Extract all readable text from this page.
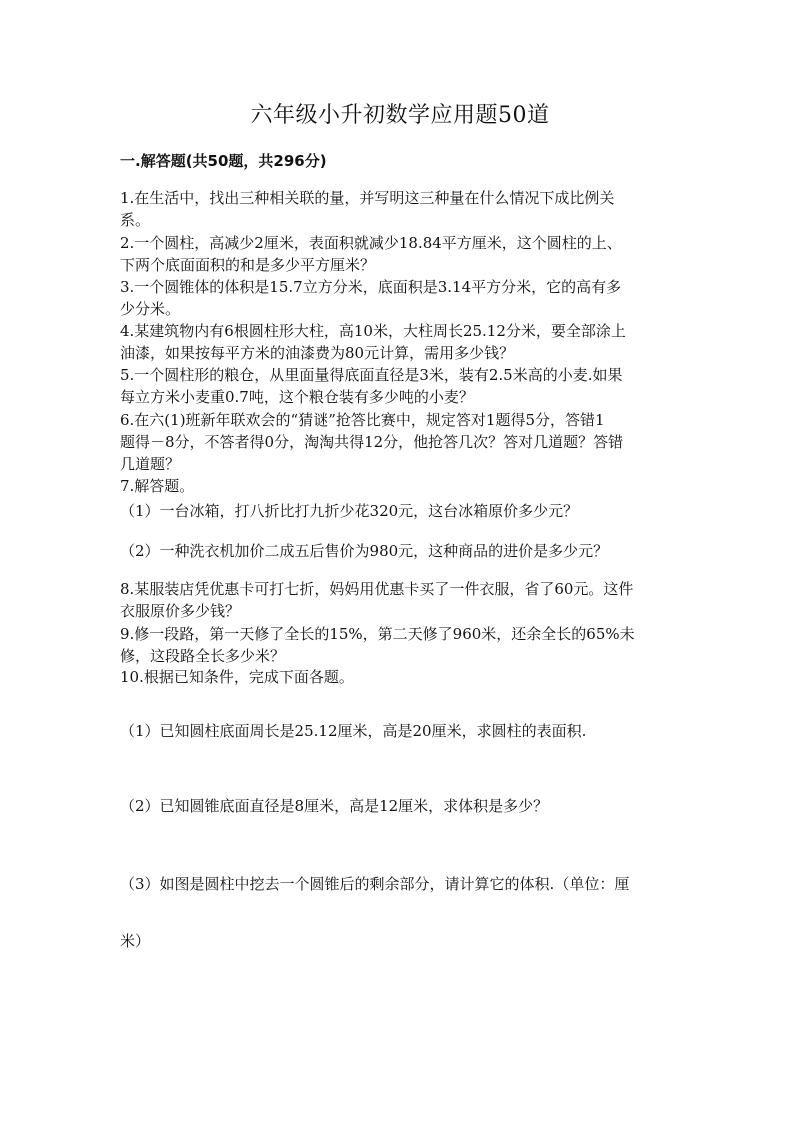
六年级小升初数学应用题50道
一.解答题(共50题，共296分)
1.在生活中，找出三种相关联的量，并写明这三种量在什么情况下成比例关
系。
2.一个圆柱，高减少2厘米，表面积就减少18.84平方厘米，这个圆柱的上、
下两个底面面积的和是多少平方厘米？
3.一个圆锥体的体积是15.7立方分米，底面积是3.14平方分米，它的高有多
少分米。
4.某建筑物内有6根圆柱形大柱，高10米，大柱周长25.12分米，要全部涂上
油漆，如果按每平方米的油漆费为80元计算，需用多少钱？
5.一个圆柱形的粮仓，从里面量得底面直径是3米，装有2.5米高的小麦.如果
每立方米小麦重0.7吨，这个粮仓装有多少吨的小麦？
6.在六(1)班新年联欢会的“猜谜”抢答比赛中，规定答对1题得5分，答错1
题得－8分，不答者得0分，淘淘共得12分，他抢答几次？答对几道题？答错
几道题？
7.解答题。
（1）一台冰箱，打八折比打九折少花320元，这台冰箱原价多少元？
（2）一种洗衣机加价二成五后售价为980元，这种商品的进价是多少元？
8.某服装店凭优惠卡可打七折，妈妈用优惠卡买了一件衣服，省了60元。这件
衣服原价多少钱？
9.修一段路，第一天修了全长的15%，第二天修了960米，还余全长的65%未
修，这段路全长多少米？
10.根据已知条件，完成下面各题。
（1）已知圆柱底面周长是25.12厘米，高是20厘米，求圆柱的表面积.
（2）已知圆锥底面直径是8厘米，高是12厘米，求体积是多少？
（3）如图是圆柱中挖去一个圆锥后的剩余部分，请计算它的体积.（单位：厘
米）
